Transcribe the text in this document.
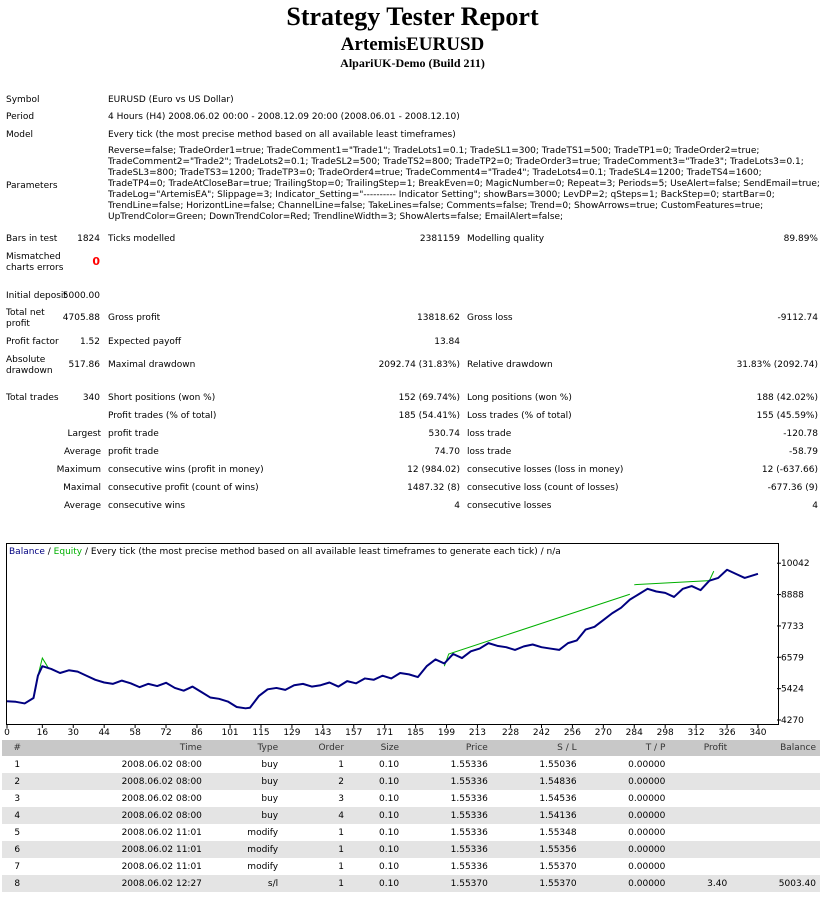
Strategy Tester Report
ArtemisEURUSD
AlpariUK-Demo (Build 211)
Symbol	EURUSD (Euro vs US Dollar)
Period	4 Hours (H4) 2008.06.02 00:00 - 2008.12.09 20:00 (2008.06.01 - 2008.12.10)
Model	Every tick (the most precise method based on all available least timeframes)
Parameters
Reverse=false; TradeOrder1=true; TradeComment1="Trade1"; TradeLots1=0.1; TradeSL1=300; TradeTS1=500; TradeTP1=0; TradeOrder2=true; TradeComment2="Trade2"; TradeLots2=0.1; TradeSL2=500; TradeTS2=800; TradeTP2=0; TradeOrder3=true; TradeComment3="Trade3"; TradeLots3=0.1; TradeSL3=800; TradeTS3=1200; TradeTP3=0; TradeOrder4=true; TradeComment4="Trade4"; TradeLots4=0.1; TradeSL4=1200; TradeTS4=1600; TradeTP4=0; TradeAtCloseBar=true; TrailingStop=0; TrailingStep=1; BreakEven=0; MagicNumber=0; Repeat=3; Periods=5; UseAlert=false; SendEmail=true; TradeLog="ArtemisEA"; Slippage=3; Indicator_Setting="---------- Indicator Setting"; showBars=3000; LevDP=2; qSteps=1; BackStep=0; startBar=0; TrendLine=false; HorizontLine=false; ChannelLine=false; TakeLines=false; Comments=false; Trend=0; ShowArrows=true; CustomFeatures=true; UpTrendColor=Green; DownTrendColor=Red; TrendlineWidth=3; ShowAlerts=false; EmailAlert=false;
Bars in test	1824 Ticks modelled	2381159 Modelling quality	89.89%
Mismatched
charts errors	0
Initial deposit
5000.00
Total net
profit
4705.88 Gross profit	13818.62 Gross loss	-9112.74
Profit factor	1.52 Expected payoff	13.84
Absolute
drawdown
517.86 Maximal drawdown	2092.74 (31.83%) Relative drawdown	31.83% (2092.74)
Total trades	340 Short positions (won %)	152 (69.74%) Long positions (won %)	188 (42.02%)
Profit trades (% of total)	185 (54.41%) Loss trades (% of total)	155 (45.59%)
Largest profit trade	530.74 loss trade	-120.78
Average profit trade	74.70 loss trade	-58.79
Maximum consecutive wins (profit in money)	12 (984.02) consecutive losses (loss in money)	12 (-637.66)
Maximal consecutive profit (count of wins)	1487.32 (8) consecutive loss (count of losses)	-677.36 (9)
Average consecutive wins	4 consecutive losses	4
Balance / Equity / Every tick (the most precise method based on all available least timeframes to generate each tick) / n/a
10042
8888
7733
6579
5424
4270
0	16 30 44 58 72 86 101 115 129 143 157 171 185 199 213 228 242 256 270 284 298 312 326 340
#	Time	Type	Order	Size	Price	S / L	T / P	Profit	Balance
1	2008.06.02 08:00	buy	1	0.10	1.55336	1.55036	0.00000		
2	2008.06.02 08:00	buy	2	0.10	1.55336	1.54836	0.00000		
3	2008.06.02 08:00	buy	3	0.10	1.55336	1.54536	0.00000		
4	2008.06.02 08:00	buy	4	0.10	1.55336	1.54136	0.00000		
5	2008.06.02 11:01	modify	1	0.10	1.55336	1.55348	0.00000		
6	2008.06.02 11:01	modify	1	0.10	1.55336	1.55356	0.00000		
7	2008.06.02 11:01	modify	1	0.10	1.55336	1.55370	0.00000		
8	2008.06.02 12:27	s/l	1	0.10	1.55370	1.55370	0.00000	3.40	5003.40
